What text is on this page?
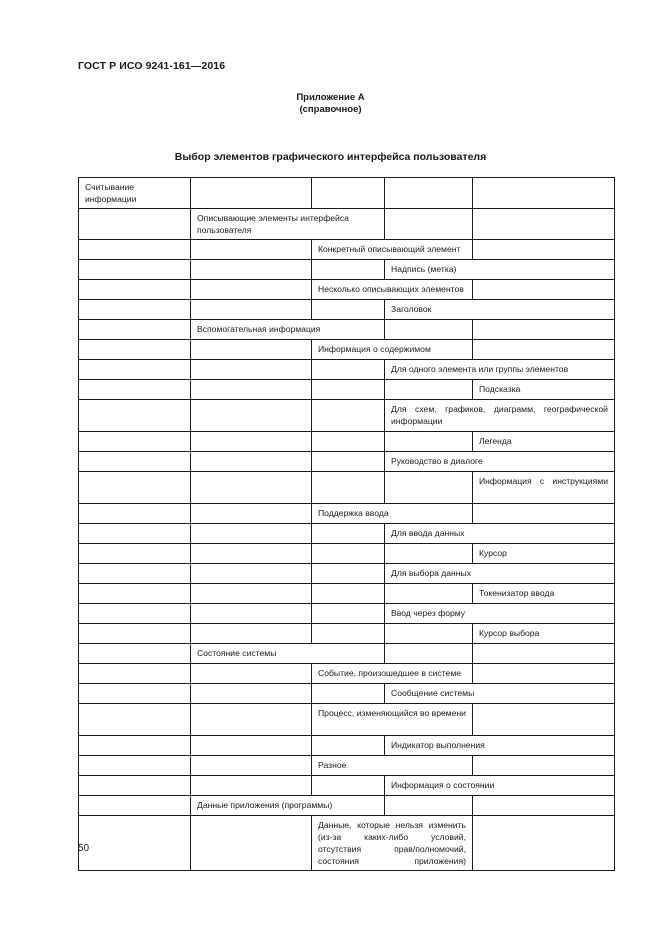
ГОСТ Р ИСО 9241-161—2016
Приложение А
(справочное)
Выбор элементов графического интерфейса пользователя
Считывание информации				
	Описывающие элементы интерфейса пользователя			
		Конкретный описывающий элемент		
			Надпись (метка)	
		Несколько описывающих элементов		
			Заголовок	
	Вспомогательная информация			
		Информация о содержимом		
			Для одного элемента или группы элементов	
				Подсказка
			Для схем, графиков, диаграмм, географической информации	
				Легенда
			Руководство в диалоге	
				Информация с инструкциями
		Поддержка ввода		
			Для ввода данных	
				Курсор
			Для выбора данных	
				Токенизатор ввода
			Ввод через форму	
				Курсор выбора
	Состояние системы			
		Событие, произошедшее в системе		
			Сообщение системы	
		Процесс, изменяющийся во времени		
			Индикатор выполнения	
		Разное		
			Информация о состоянии	
	Данные приложения (программы)			
		Данные, которые нельзя изменить (из-за каких-либо условий, отсутствия прав/полномочий, состояния приложения)		
50
